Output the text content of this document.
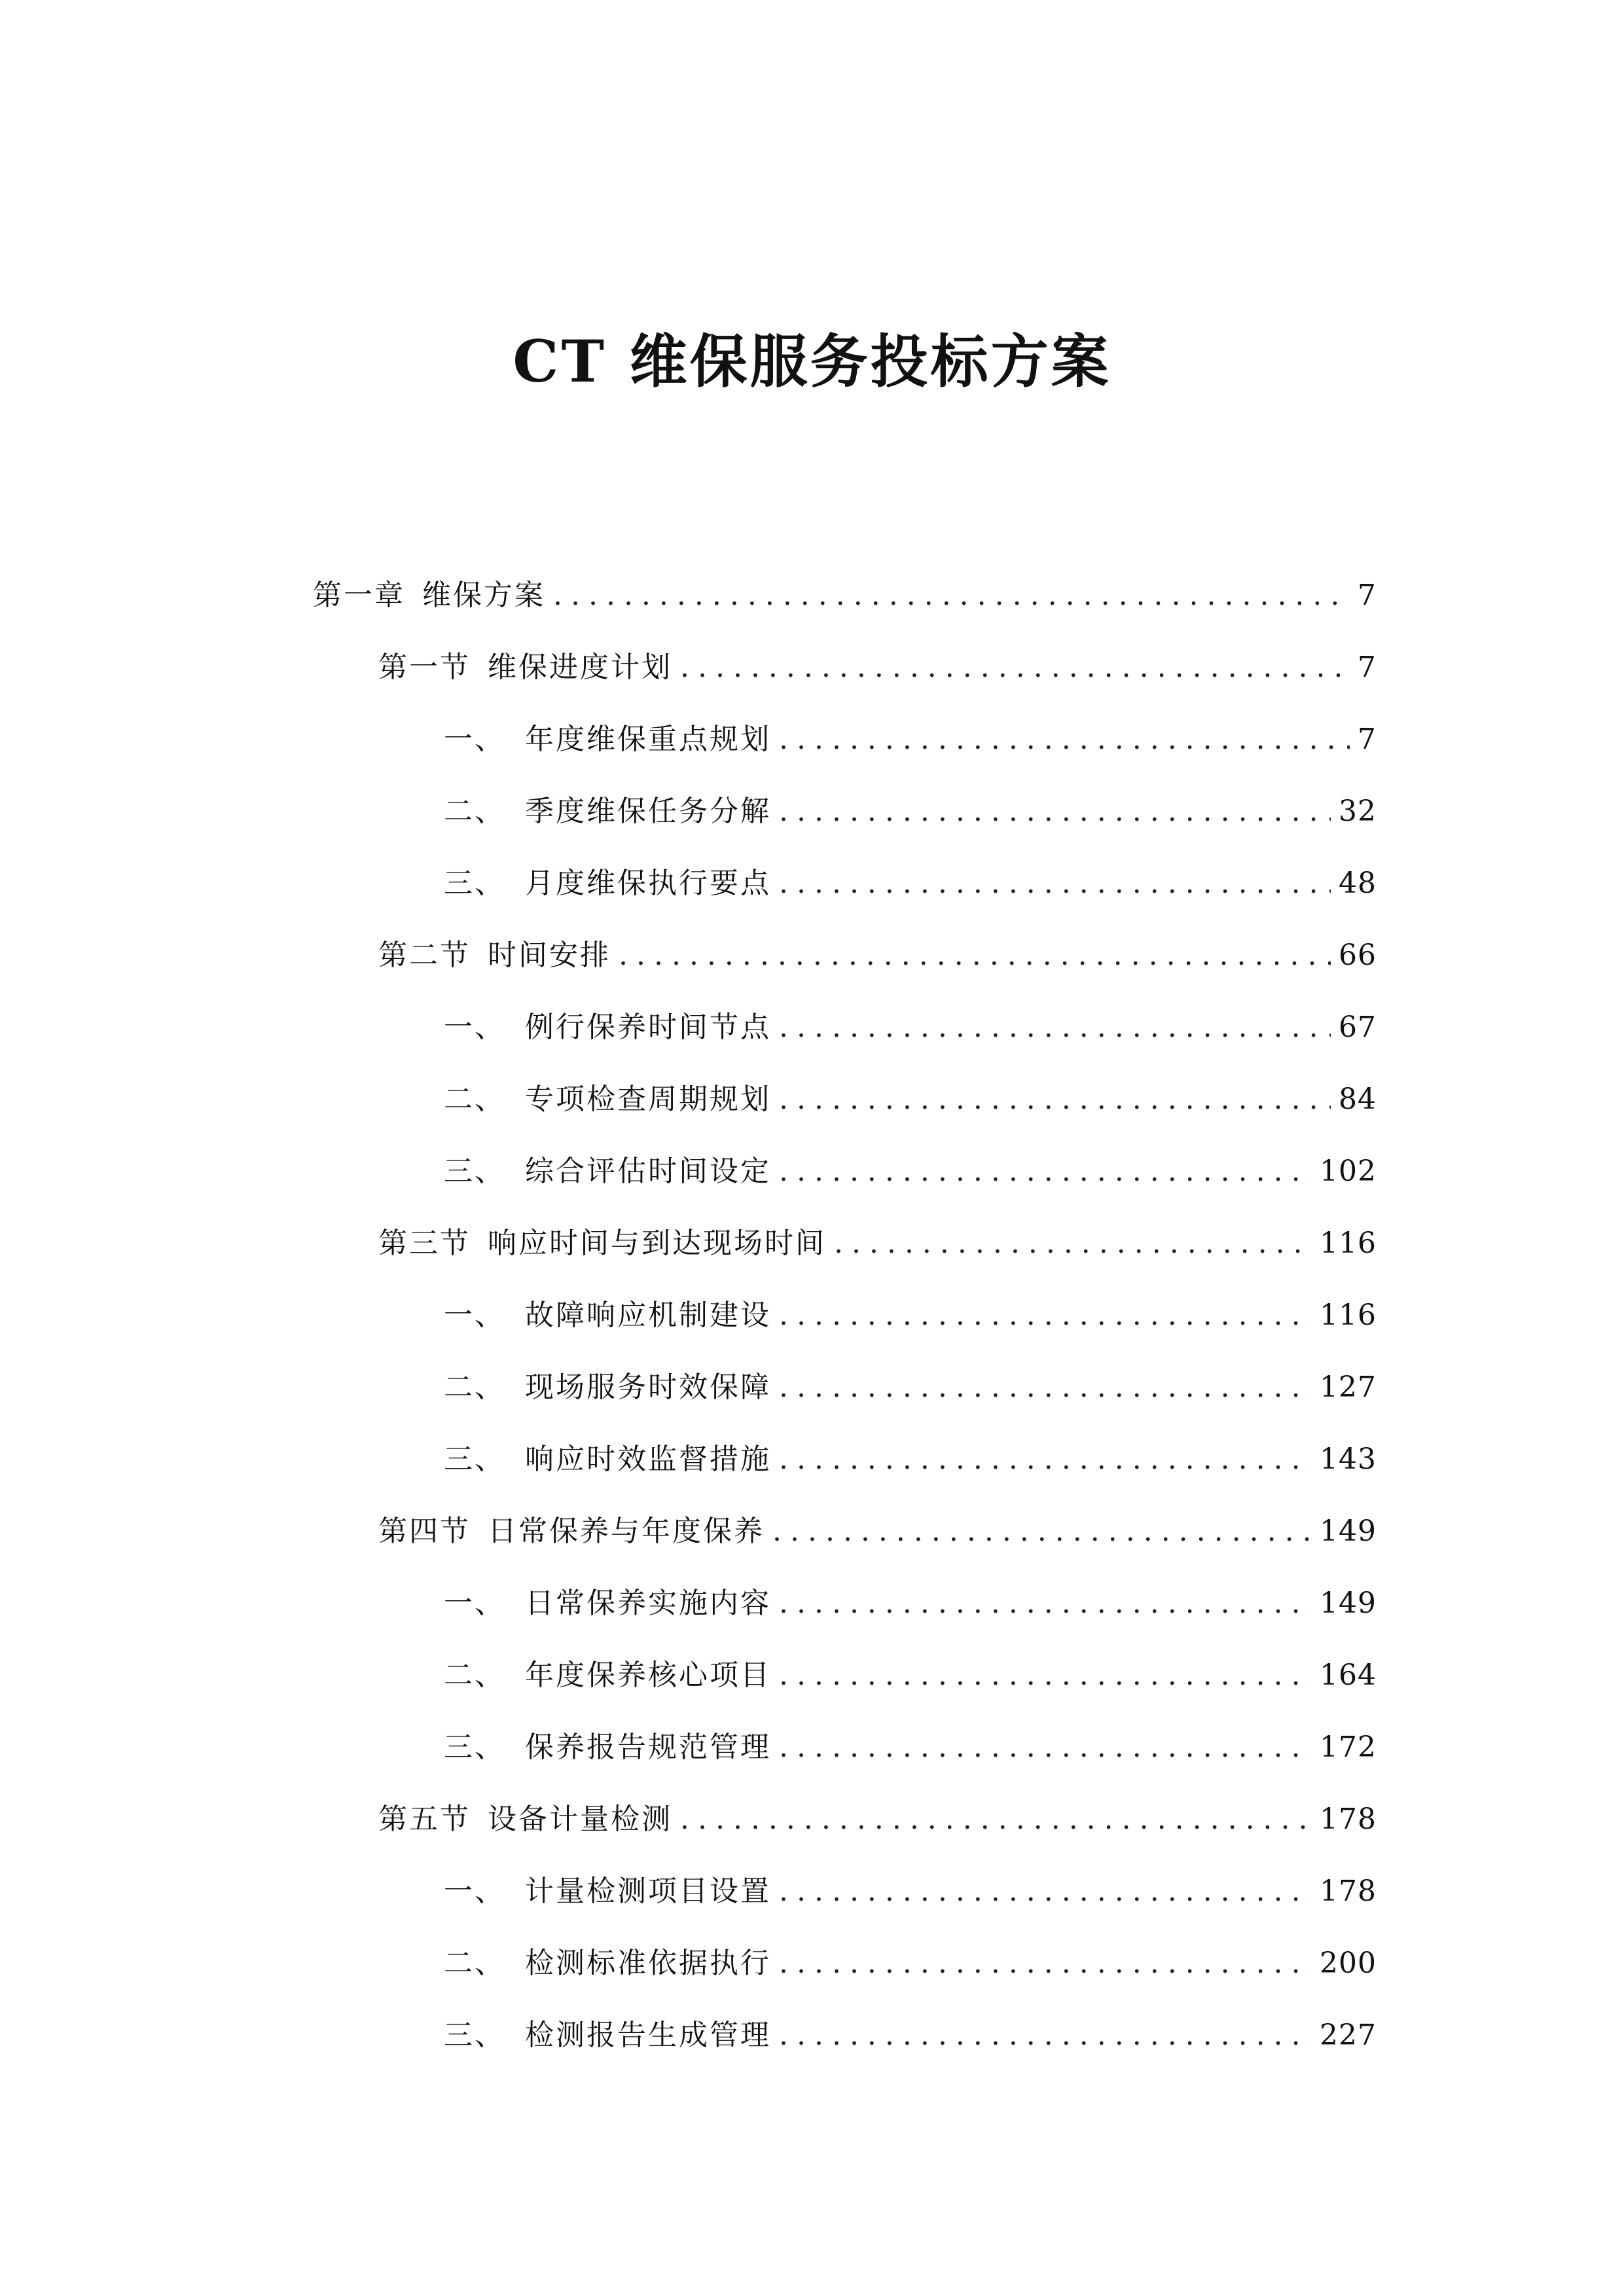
CT 维保服务投标方案
第一章 维保方案 .....	7
第一节 维保进度计划 .....	7
一、 年度维保重点规划 .....	7
二、 季度维保任务分解 .....	32
三、 月度维保执行要点 .....	48
第二节 时间安排 .....	66
一、 例行保养时间节点 .....	67
二、 专项检查周期规划 .....	84
三、 综合评估时间设定 .....	102
第三节 响应时间与到达现场时间 .....	116
一、 故障响应机制建设 .....	116
二、 现场服务时效保障 .....	127
三、 响应时效监督措施 .....	143
第四节 日常保养与年度保养 .....	149
一、 日常保养实施内容 .....	149
二、 年度保养核心项目 .....	164
三、 保养报告规范管理 .....	172
第五节 设备计量检测 .....	178
一、 计量检测项目设置 .....	178
二、 检测标准依据执行 .....	200
三、 检测报告生成管理 .....	227
